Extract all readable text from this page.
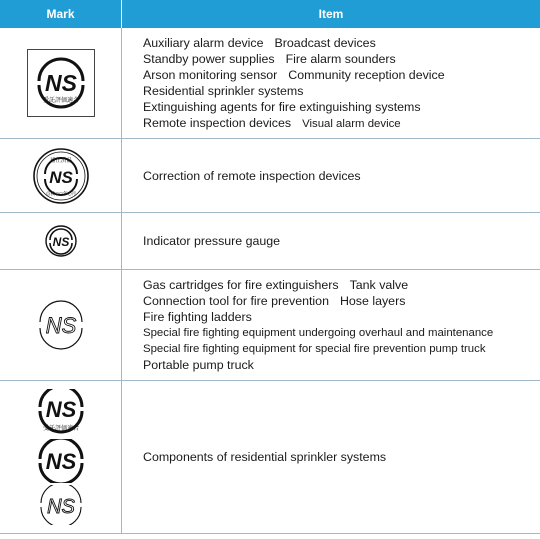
Mark	Item
NS
受託評価適合
Auxiliary alarm device Broadcast devices
Standby power supplies Fire alarm sounders
Arson monitoring sensor Community reception device
Residential sprinkler systems
Extinguishing agents for fire extinguishing systems
Remote inspection devices Visual alarm device
NS
補正済品
点検○○年○月
Correction of remote inspection devices
NS	Indicator pressure gauge
NS
Gas cartridges for fire extinguishers Tank valve
Connection tool for fire prevention Hose layers
Fire fighting ladders
Special fire fighting equipment undergoing overhaul and maintenance
Special fire fighting equipment for special fire prevention pump truck
Portable pump truck
NS
受託評価適合
NS
NS
Components of residential sprinkler systems
